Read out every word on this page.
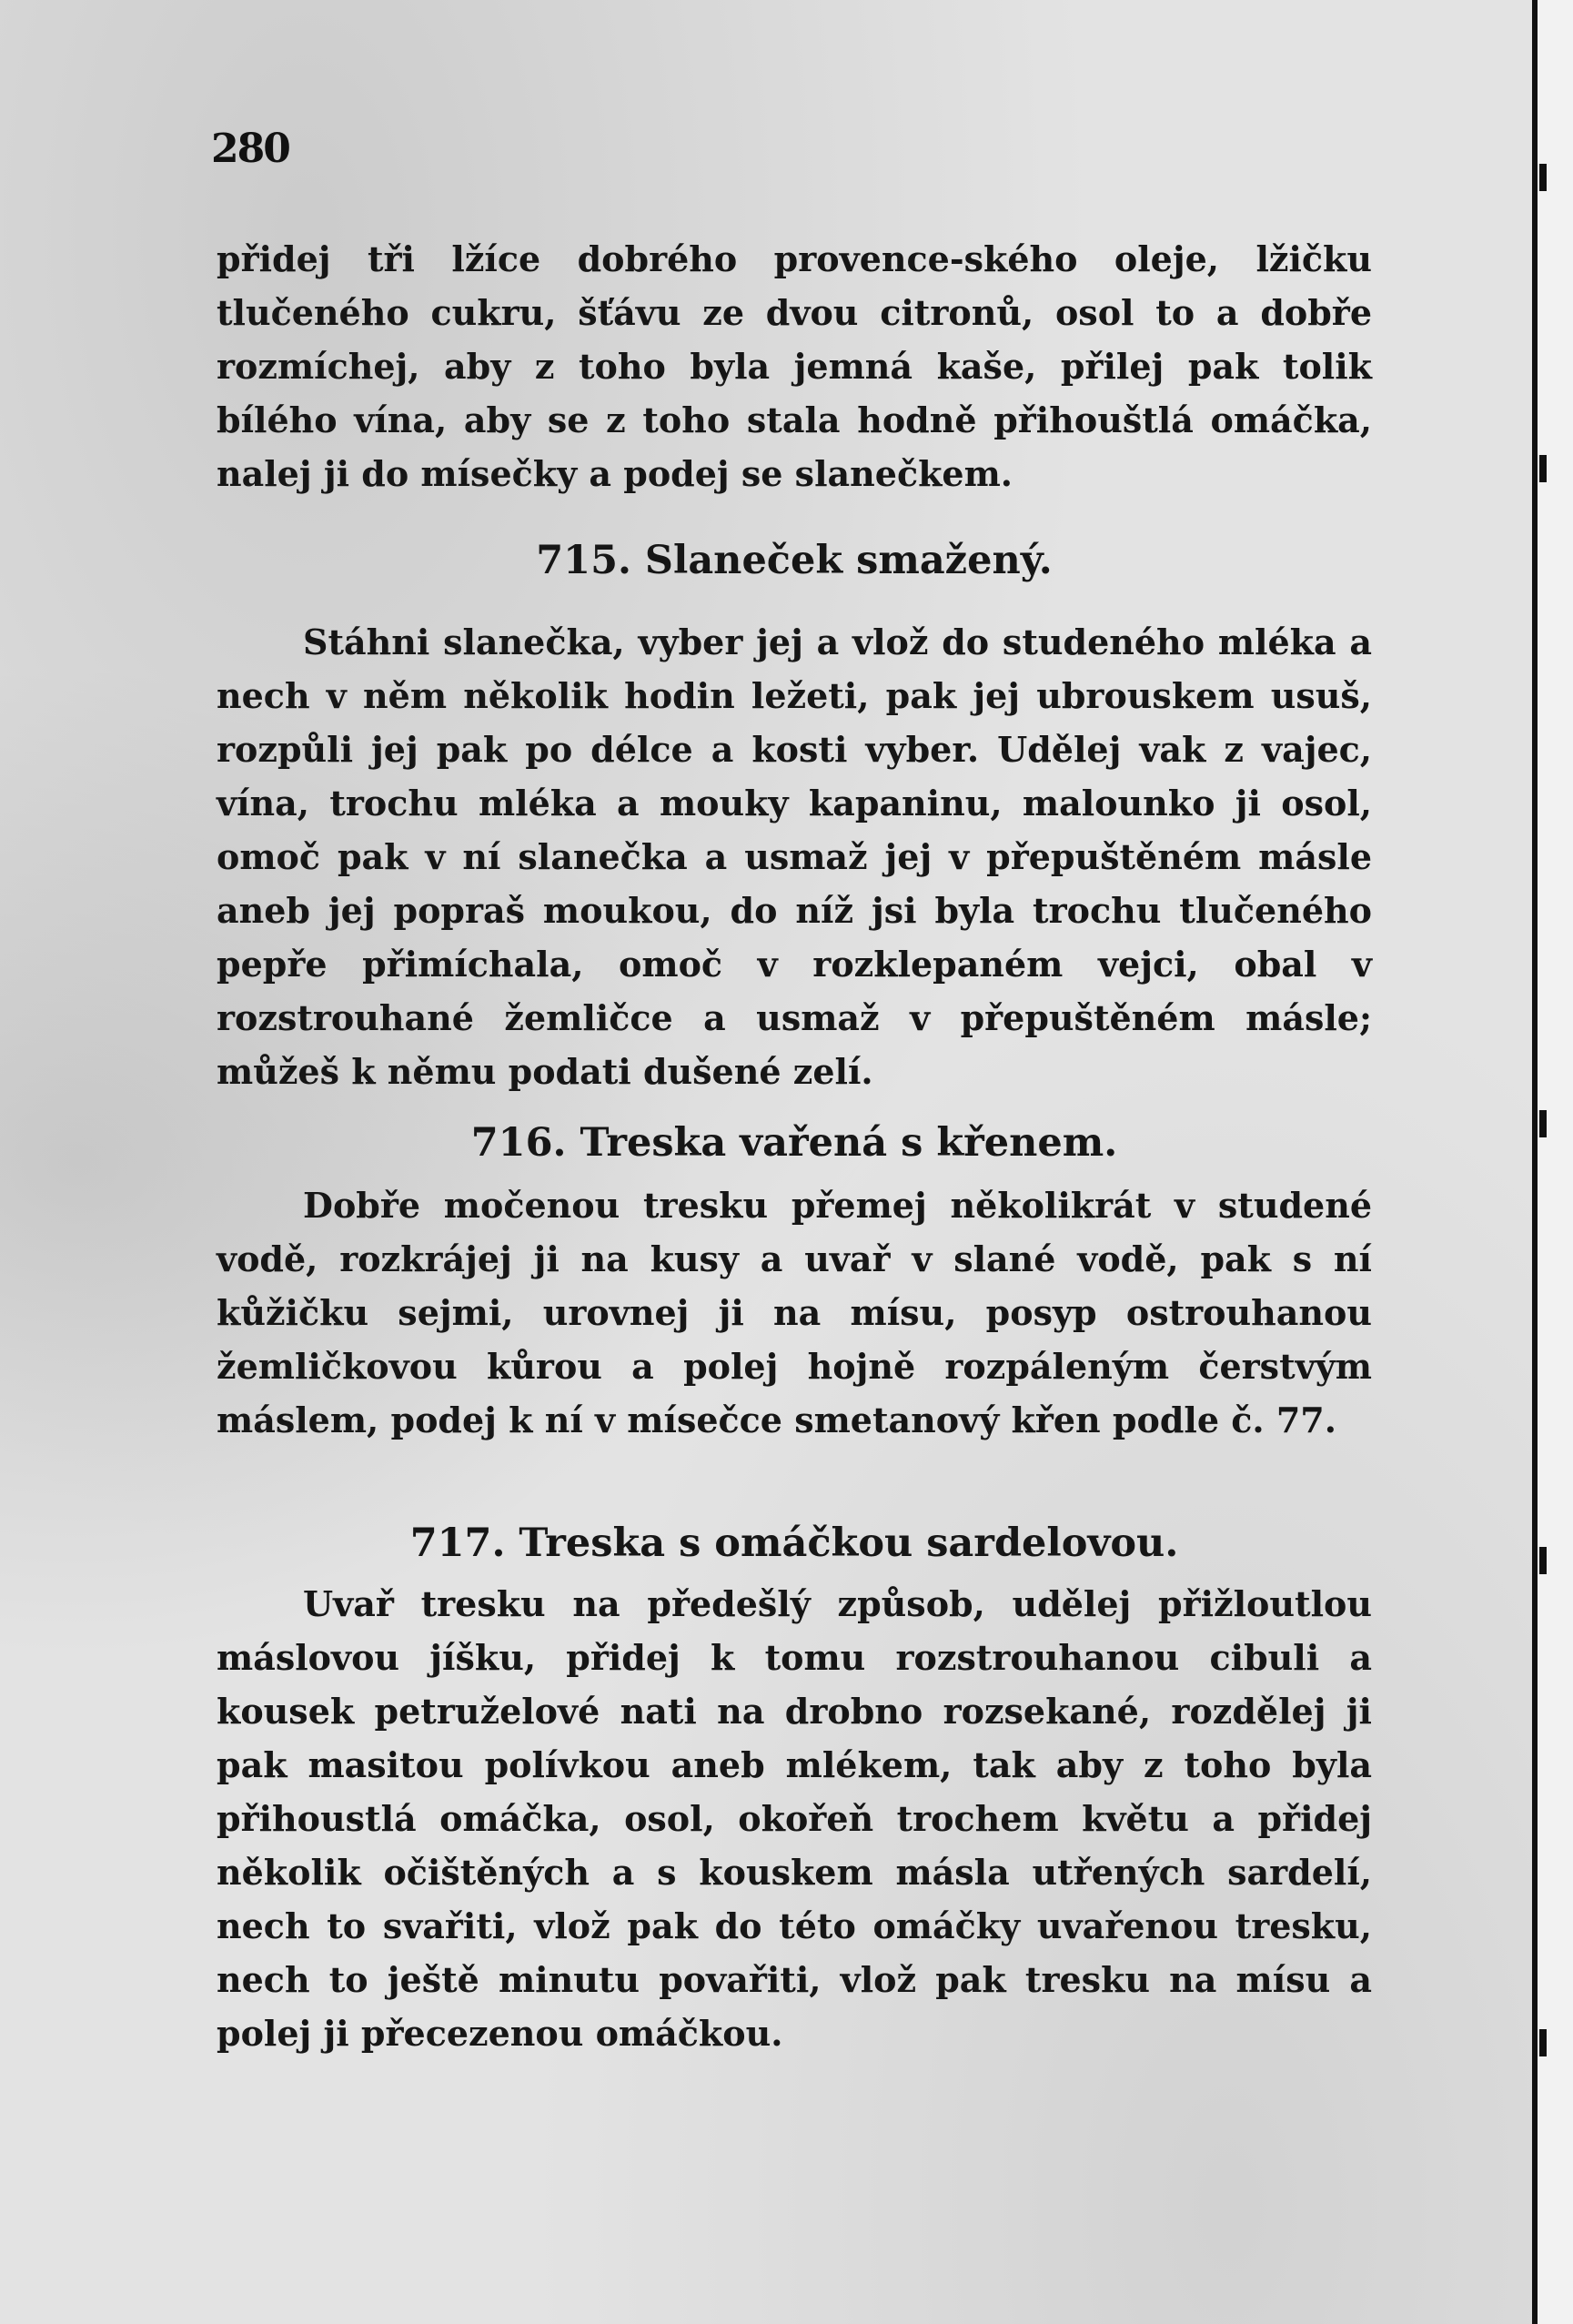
280

přidej tři lžíce dobrého provence-ského oleje, lžičku tlučeného cukru, šťávu ze dvou citronů, osol to a dobře rozmíchej, aby z toho byla jemná kaše, přilej pak tolik bílého vína, aby se z toho stala hodně přihouštlá omáčka, nalej ji do mísečky a podej se slanečkem.

715. Slaneček smažený.

Stáhni slanečka, vyber jej a vlož do studeného mléka a nech v něm několik hodin ležeti, pak jej ubrouskem usuš, rozpůli jej pak po délce a kosti vyber. Udělej vak z vajec, vína, trochu mléka a mouky kapaninu, malounko ji osol, omoč pak v ní slanečka a usmaž jej v přepuštěném másle aneb jej popraš moukou, do níž jsi byla trochu tlučeného pepře přimíchala, omoč v rozklepaném vejci, obal v rozstrouhané žemličce a usmaž v přepuštěném másle; můžeš k němu podati dušené zelí.

716. Treska vařená s křenem.

Dobře močenou tresku přemej několikrát v studené vodě, rozkrájej ji na kusy a uvař v slané vodě, pak s ní kůžičku sejmi, urovnej ji na mísu, posyp ostrouhanou žemličkovou kůrou a polej hojně rozpáleným čerstvým máslem, podej k ní v mísečce smetanový křen podle č. 77.

717. Treska s omáčkou sardelovou.

Uvař tresku na předešlý způsob, udělej přižloutlou máslovou jíšku, přidej k tomu rozstrouhanou cibuli a kousek petruželové nati na drobno rozsekané, rozdělej ji pak masitou polívkou aneb mlékem, tak aby z toho byla přihoustlá omáčka, osol, okořeň trochem květu a přidej několik očištěných a s kouskem másla utřených sardelí, nech to svařiti, vlož pak do této omáčky uvařenou tresku, nech to ještě minutu povařiti, vlož pak tresku na mísu a polej ji přecezenou omáčkou.
